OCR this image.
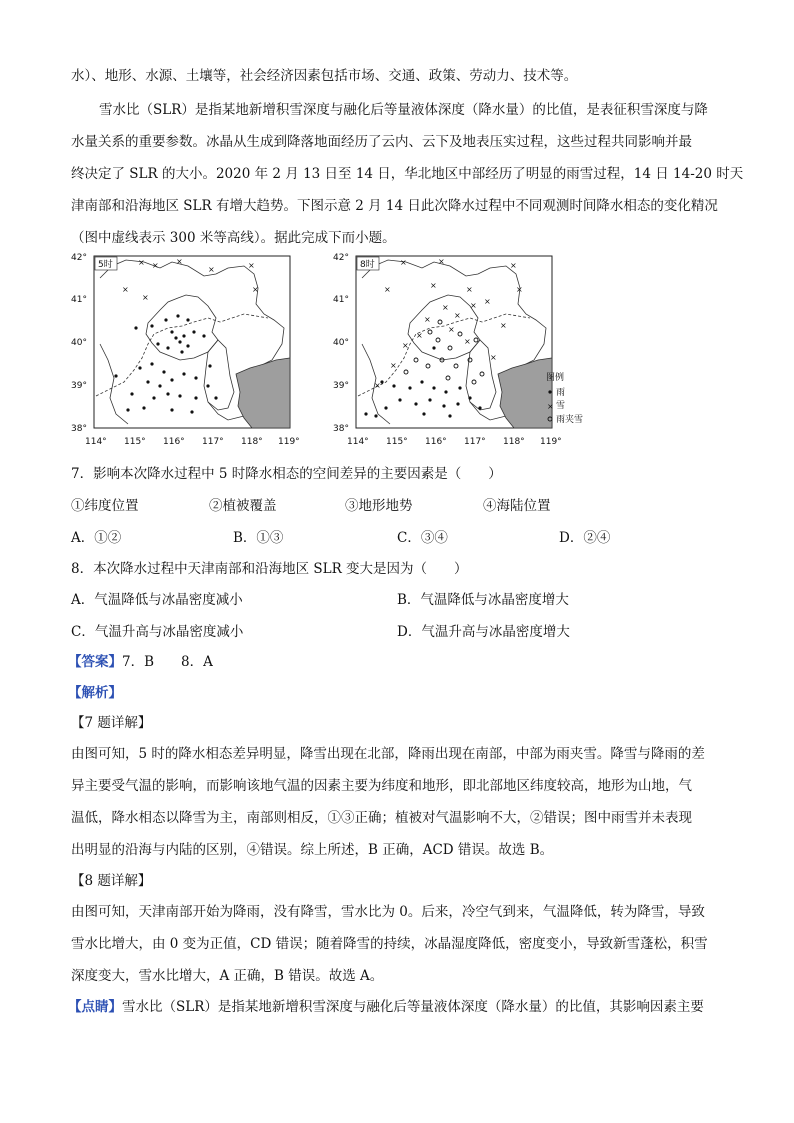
水）、地形、水源、土壤等，社会经济因素包括市场、交通、政策、劳动力、技术等。
雪水比（SLR）是指某地新增积雪深度与融化后等量液体深度（降水量）的比值，是表征积雪深度与降
水量关系的重要参数。冰晶从生成到降落地面经历了云内、云下及地表压实过程，这些过程共同影响并最
终决定了 SLR 的大小。2020 年 2 月 13 日至 14 日，华北地区中部经历了明显的雨雪过程，14 日 14-20 时天
津南部和沿海地区 SLR 有增大趋势。下图示意 2 月 14 日此次降水过程中不同观测时间降水相态的变化精况
（图中虚线表示 300 米等高线）。据此完成下而小题。
5时	× × ×
×
×
×
×
×	8时	×	×
×	×	×
×
×
×
×
×
×
×
×
×
×
×
×
×
×
×
图例
雨
× 雪
雨夹雪
7．影响本次降水过程中 5 时降水相态的空间差异的主要因素是（　　）
①纬度位置	②植被覆盖	③地形地势	④海陆位置
A．①②	B．①③	C．③④	D．②④
8．本次降水过程中天津南部和沿海地区 SLR 变大是因为（　　）
A．气温降低与冰晶密度减小	B．气温降低与冰晶密度增大
C．气温升高与冰晶密度减小	D．气温升高与冰晶密度增大
【答案】7．B　　8．A
【解析】
【7 题详解】
由图可知，5 时的降水相态差异明显，降雪出现在北部，降雨出现在南部，中部为雨夹雪。降雪与降雨的差
异主要受气温的影响，而影响该地气温的因素主要为纬度和地形，即北部地区纬度较高，地形为山地，气
温低，降水相态以降雪为主，南部则相反，①③正确；植被对气温影响不大，②错误；图中雨雪并未表现
出明显的沿海与内陆的区别，④错误。综上所述，B 正确，ACD 错误。故选 B。
【8 题详解】
由图可知，天津南部开始为降雨，没有降雪，雪水比为 0。后来，冷空气到来，气温降低，转为降雪，导致
雪水比增大，由 0 变为正值，CD 错误；随着降雪的持续，冰晶湿度降低，密度变小，导致新雪蓬松，积雪
深度变大，雪水比增大，A 正确，B 错误。故选 A。
【点睛】雪水比（SLR）是指某地新增积雪深度与融化后等量液体深度（降水量）的比值，其影响因素主要
